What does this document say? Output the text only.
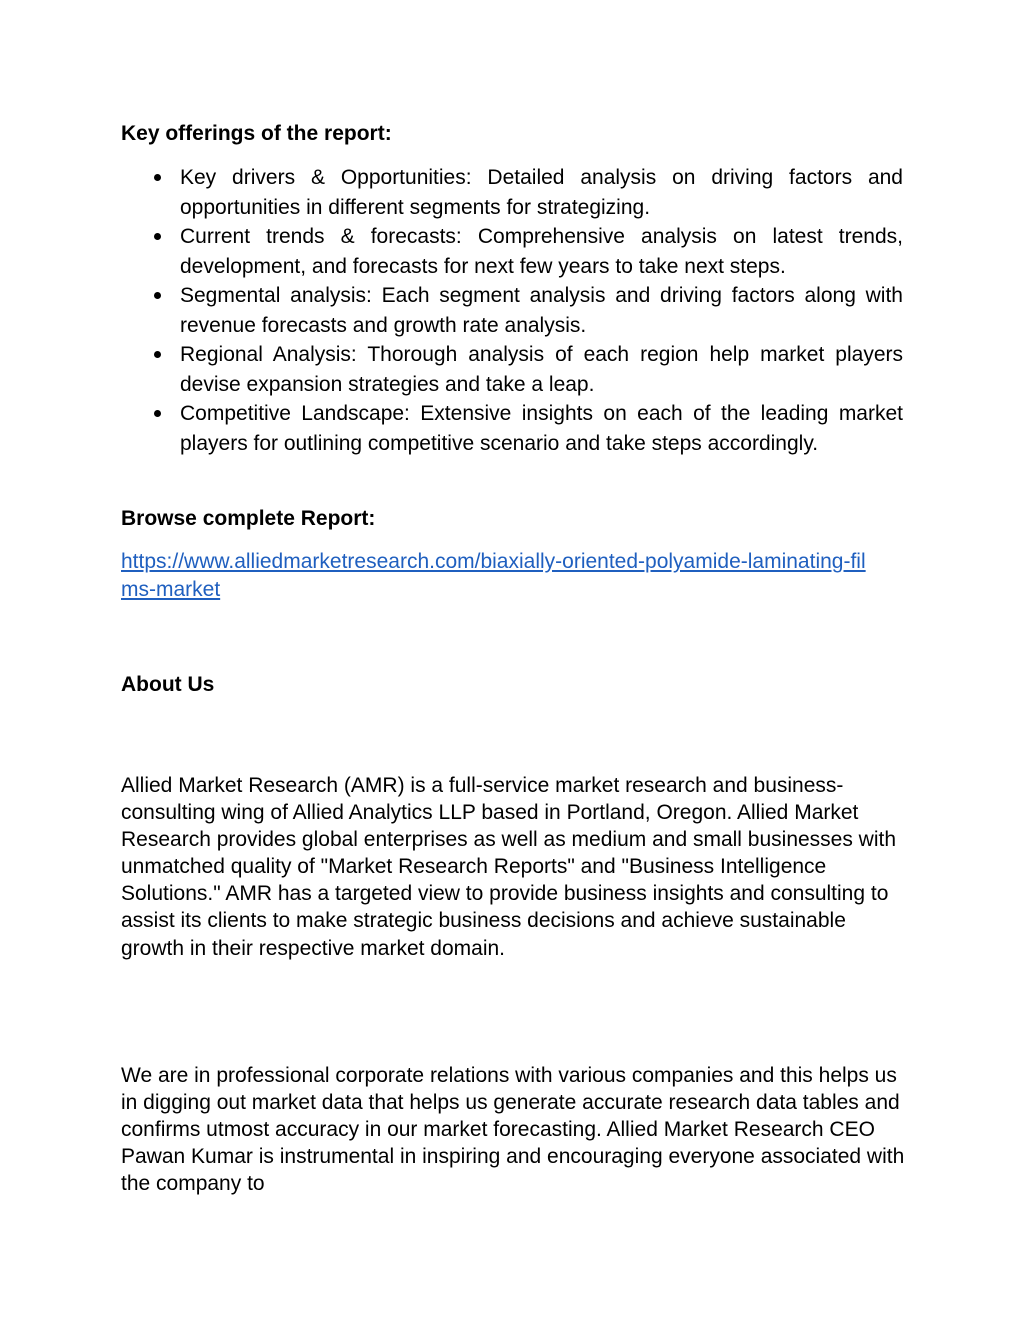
Key offerings of the report:
Key drivers & Opportunities: Detailed analysis on driving factors and opportunities in different segments for strategizing.
Current trends & forecasts: Comprehensive analysis on latest trends, development, and forecasts for next few years to take next steps.
Segmental analysis: Each segment analysis and driving factors along with revenue forecasts and growth rate analysis.
Regional Analysis: Thorough analysis of each region help market players devise expansion strategies and take a leap.
Competitive Landscape: Extensive insights on each of the leading market players for outlining competitive scenario and take steps accordingly.
Browse complete Report:
https://www.alliedmarketresearch.com/biaxially-oriented-polyamide-laminating-films-market
About Us

Allied Market Research (AMR) is a full-service market research and business-consulting wing of Allied Analytics LLP based in Portland, Oregon. Allied Market Research provides global enterprises as well as medium and small businesses with unmatched quality of "Market Research Reports" and "Business Intelligence Solutions." AMR has a targeted view to provide business insights and consulting to assist its clients to make strategic business decisions and achieve sustainable growth in their respective market domain.

We are in professional corporate relations with various companies and this helps us in digging out market data that helps us generate accurate research data tables and confirms utmost accuracy in our market forecasting. Allied Market Research CEO Pawan Kumar is instrumental in inspiring and encouraging everyone associated with the company to
